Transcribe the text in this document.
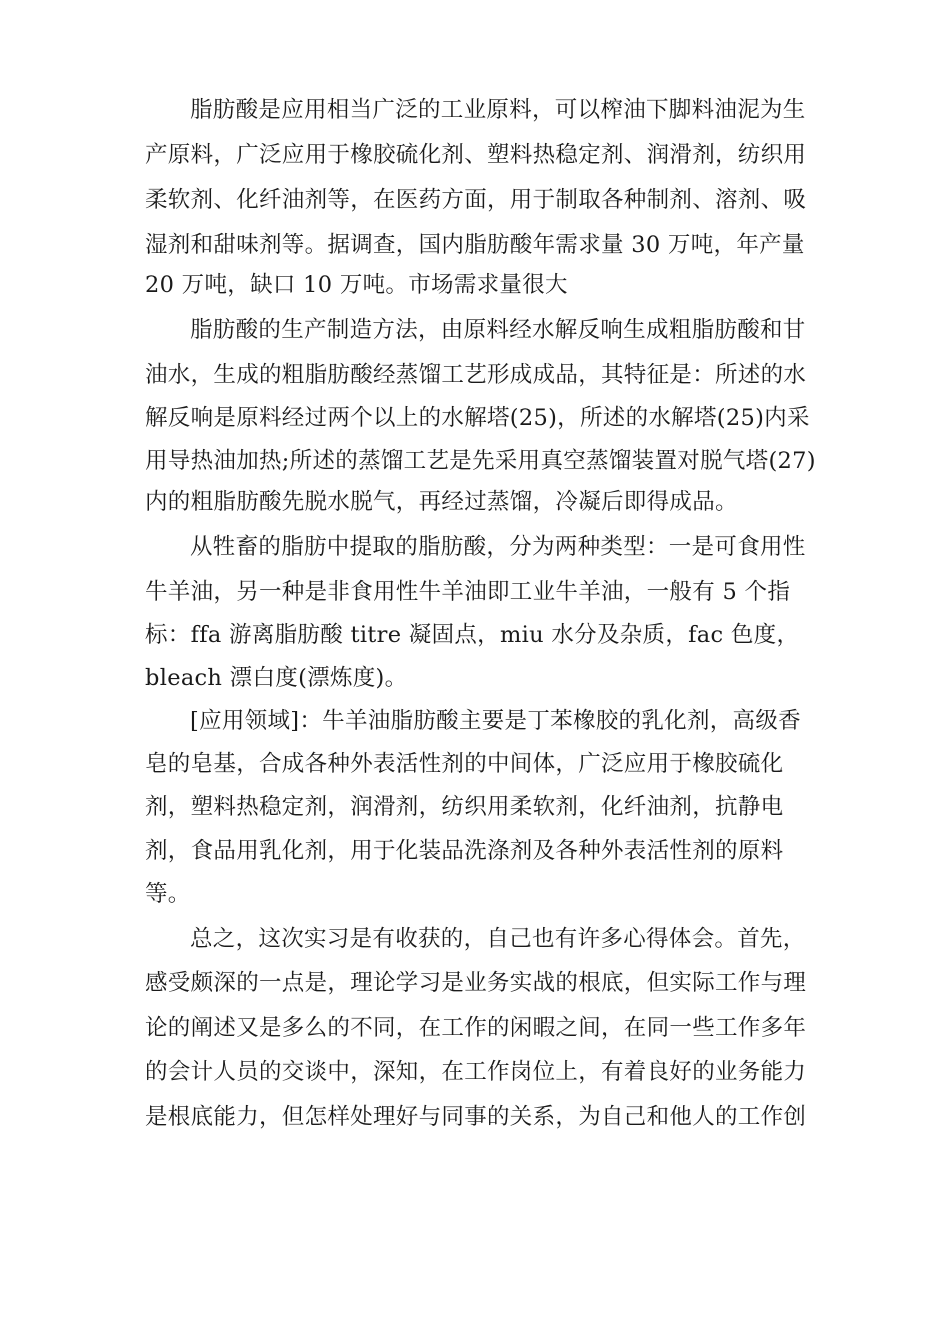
脂肪酸是应用相当广泛的工业原料，可以榨油下脚料油泥为生
产原料，广泛应用于橡胶硫化剂、塑料热稳定剂、润滑剂，纺织用
柔软剂、化纤油剂等，在医药方面，用于制取各种制剂、溶剂、吸
湿剂和甜味剂等。据调查，国内脂肪酸年需求量 30 万吨，年产量
20 万吨，缺口 10 万吨。市场需求量很大
脂肪酸的生产制造方法，由原料经水解反响生成粗脂肪酸和甘
油水，生成的粗脂肪酸经蒸馏工艺形成成品，其特征是：所述的水
解反响是原料经过两个以上的水解塔(25)，所述的水解塔(25)内采
用导热油加热;所述的蒸馏工艺是先采用真空蒸馏装置对脱气塔(27)
内的粗脂肪酸先脱水脱气，再经过蒸馏，冷凝后即得成品。
从牲畜的脂肪中提取的脂肪酸，分为两种类型：一是可食用性
牛羊油，另一种是非食用性牛羊油即工业牛羊油，一般有 5 个指
标：ffa 游离脂肪酸 titre 凝固点，miu 水分及杂质，fac 色度，
bleach 漂白度(漂炼度)。
[应用领域]：牛羊油脂肪酸主要是丁苯橡胶的乳化剂，高级香
皂的皂基，合成各种外表活性剂的中间体，广泛应用于橡胶硫化
剂，塑料热稳定剂，润滑剂，纺织用柔软剂，化纤油剂，抗静电
剂，食品用乳化剂，用于化装品洗涤剂及各种外表活性剂的原料
等。
总之，这次实习是有收获的，自己也有许多心得体会。首先，
感受颇深的一点是，理论学习是业务实战的根底，但实际工作与理
论的阐述又是多么的不同，在工作的闲暇之间，在同一些工作多年
的会计人员的交谈中，深知，在工作岗位上，有着良好的业务能力
是根底能力，但怎样处理好与同事的关系，为自己和他人的工作创
